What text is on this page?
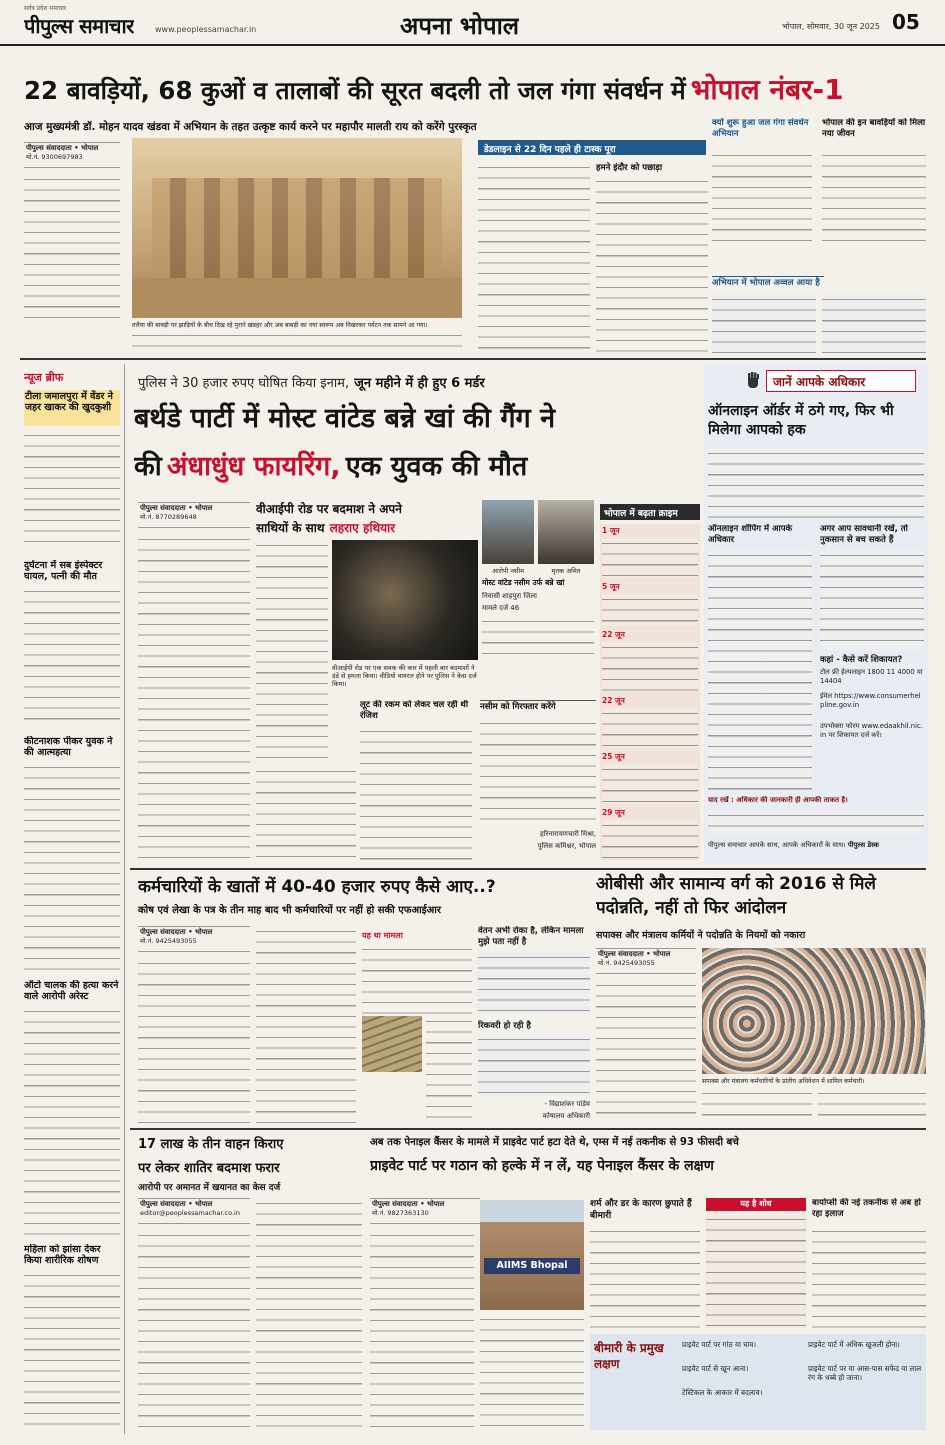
सर्वत्र प्रदेश समाचार
पीपुल्स समाचार	www.peoplessamachar.in	अपना भोपाल	भोपाल, सोमवार, 30 जून 2025 05
22 बावड़ियों, 68 कुओं व तालाबों की सूरत बदली तो जल गंगा संवर्धन में भोपाल नंबर-1
आज मुख्यमंत्री डॉ. मोहन यादव खंडवा में अभियान के तहत उत्कृष्ट कार्य करने पर महापौर मालती राय को करेंगे पुरस्कृत
पीपुल्स संवाददाता • भोपाल
मो.नं. 9300697983
तलैया की बाबड़ी पर झाड़ियों के बीच दिख रहे पुराने खंडहर और अब बाबड़ी का नया स्वरूप अब निखरकर पर्यटन तक सामने आ गया।
डेडलाइन से 22 दिन पहले ही टास्क पूरा
हमने इंदौर को पछाड़ा
क्यों शुरू हुआ जल गंगा संवर्धन अभियान
भोपाल की इन बावड़ियों को मिला नया जीवन
अभियान में भोपाल अव्वल आया है
न्यूज ब्रीफ
टीला जमालपुरा में वेंडर ने जहर खाकर की खुदकुशी
दुर्घटना में सब इंस्पेक्टर घायल, पत्नी की मौत
कीटनाशक पीकर युवक ने की आत्महत्या
ऑटो चालक की हत्या करने वाले आरोपी अरेस्ट
महिला को झांसा देकर किया शारीरिक शोषण
पुलिस ने 30 हजार रुपए घोषित किया इनाम, जून महीने में ही हुए 6 मर्डर
बर्थडे पार्टी में मोस्ट वांटेड बन्ने खां की गैंग ने
की अंधाधुंध फायरिंग, एक युवक की मौत
पीपुल्स संवाददाता • भोपाल
मो.नं. 8770289648
वीआईपी रोड पर बदमाश ने अपने
साथियों के साथ लहराए हथियार
वीआईपी रोड पर एक सवक की कार में पहली बार बदमाशों ने डंडे से हमला किया। वीडियो वायरल होने पर पुलिस ने केस दर्ज किया।
आरोपी नसीम	मृतक अमित
मोस्ट वांटेड नसीम उर्फ बन्ने खां
निवासी शाहपुरा जिला
मामले दर्ज 46
लूट की रकम को लेकर चल रही थी रंजिश
नसीम को गिरफ्तार करेंगे
हरिनारायणचारी मिश्रा,
पुलिस कमिश्नर, भोपाल
भोपाल में बढ़ता क्राइम
1 जून
5 जून
22 जून
22 जून
25 जून
29 जून
जानें आपके अधिकार
ऑनलाइन ऑर्डर में ठगे गए, फिर भी मिलेगा आपको हक
ऑनलाइन शॉपिंग में आपके अधिकार
अगर आप सावधानी रखें, तो नुकसान से बच सकते हैं
कहां - कैसे करें शिकायत?
टोल फ्री हेल्पलाइन 1800 11 4000 या 14404
ईमेल https://www.consumerhelpline.gov.in
उपभोक्ता फोरम www.edaakhil.nic.in पर शिकायत दर्ज करें।
याद रखें : अधिकार की जानकारी ही आपकी ताकत है।
पीपुल्स समाचार आपके साथ, आपके अधिकारों के साथ। पीपुल्स डेस्क
कर्मचारियों के खातों में 40-40 हजार रुपए कैसे आए..?
कोष एवं लेखा के पत्र के तीन माह बाद भी कर्मचारियों पर नहीं हो सकी एफआईआर
पीपुल्स संवाददाता • भोपाल
मो.नं. 9425493055
यह था मामला	वेतन अभी रोका है, लेकिन मामला मुझे पता नहीं है
रिकवरी हो रही है
- विद्याशंकर पांडेय
कोषालय अधिकारी
ओबीसी और सामान्य वर्ग को 2016 से मिले पदोन्नति, नहीं तो फिर आंदोलन
सपाक्स और मंत्रालय कर्मियों ने पदोन्नति के नियमों को नकारा
पीपुल्स संवाददाता • भोपाल
मो.नं. 9425493055
सपाक्स और मंत्रालय कर्मचारियों के प्रांतीय अधिवेशन में शामिल कर्मचारी।
17 लाख के तीन वाहन किराए
पर लेकर शातिर बदमाश फरार
आरोपी पर अमानत में खयानत का केस दर्ज
पीपुल्स संवाददाता • भोपाल
editor@peoplessamachar.co.in
अब तक पेनाइल कैंसर के मामले में प्राइवेट पार्ट हटा देते थे, एम्स में नई तकनीक से 93 फीसदी बचे
प्राइवेट पार्ट पर गठान को हल्के में न लें, यह पेनाइल कैंसर के लक्षण
पीपुल्स संवाददाता • भोपाल
मो.नं. 9827363130
AIIMS Bhopal
शर्म और डर के कारण छुपाते हैं बीमारी
यह है शोध	बायोप्सी की नई तकनीक से अब हो रहा इलाज
बीमारी के प्रमुख लक्षण
प्राइवेट पार्ट पर गांठ या घाव।
प्राइवेट पार्ट से खून आना।
टेस्टिकल के आकार में बदलाव।
प्राइवेट पार्ट में अधिक खुजली होना।
प्राइवेट पार्ट पर या आस-पास सफेद या लाल रंग के धब्बे हो जाना।
